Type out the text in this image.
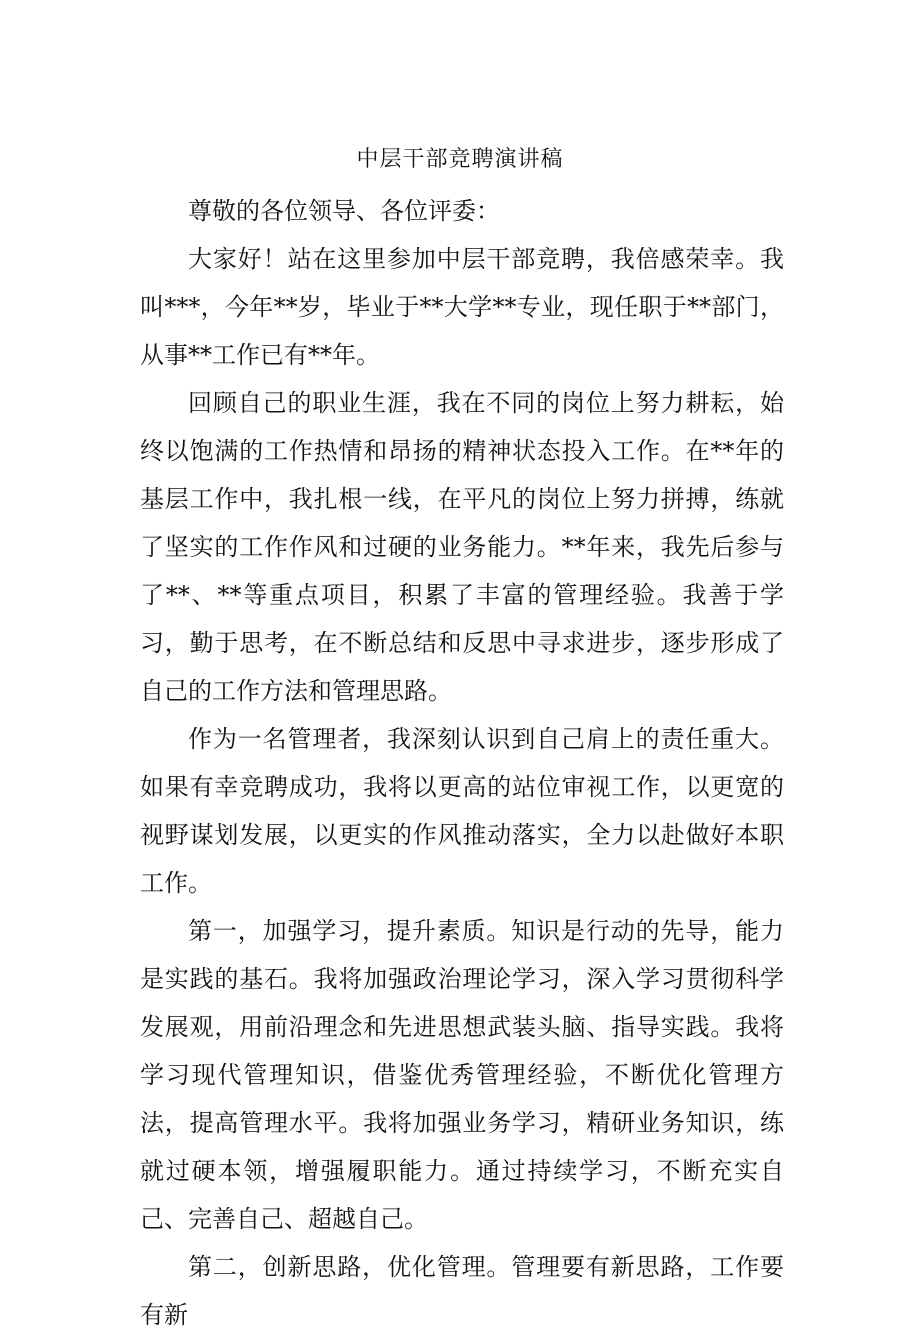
中层干部竞聘演讲稿

尊敬的各位领导、各位评委：

大家好！站在这里参加中层干部竞聘，我倍感荣幸。我叫***，今年**岁，毕业于**大学**专业，现任职于**部门，从事**工作已有**年。

回顾自己的职业生涯，我在不同的岗位上努力耕耘，始终以饱满的工作热情和昂扬的精神状态投入工作。在**年的基层工作中，我扎根一线，在平凡的岗位上努力拼搏，练就了坚实的工作作风和过硬的业务能力。**年来，我先后参与了**、**等重点项目，积累了丰富的管理经验。我善于学习，勤于思考，在不断总结和反思中寻求进步，逐步形成了自己的工作方法和管理思路。

作为一名管理者，我深刻认识到自己肩上的责任重大。如果有幸竞聘成功，我将以更高的站位审视工作，以更宽的视野谋划发展，以更实的作风推动落实，全力以赴做好本职工作。

第一，加强学习，提升素质。知识是行动的先导，能力是实践的基石。我将加强政治理论学习，深入学习贯彻科学发展观，用前沿理念和先进思想武装头脑、指导实践。我将学习现代管理知识，借鉴优秀管理经验，不断优化管理方法，提高管理水平。我将加强业务学习，精研业务知识，练就过硬本领，增强履职能力。通过持续学习，不断充实自己、完善自己、超越自己。

第二，创新思路，优化管理。管理要有新思路，工作要有新
